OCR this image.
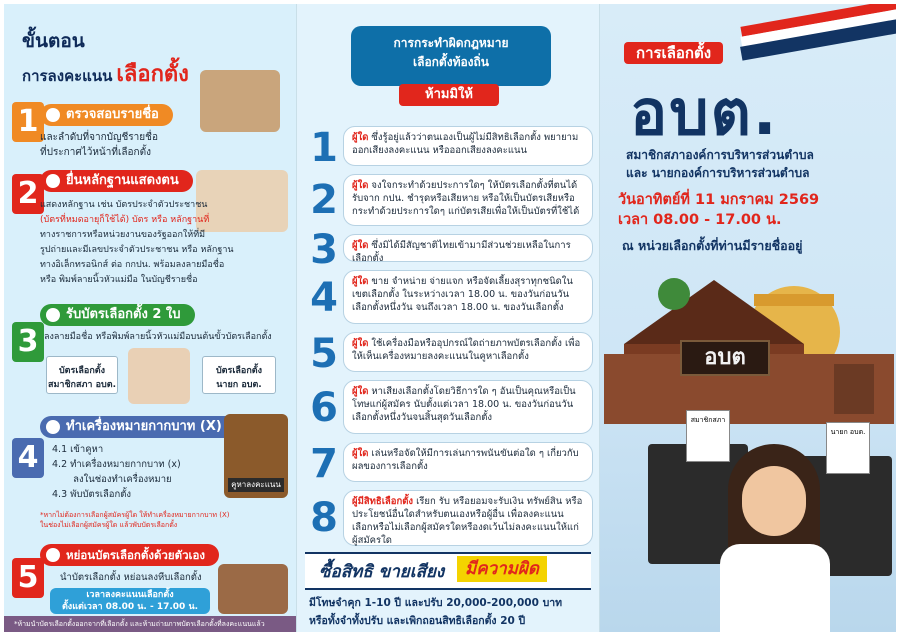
ขั้นตอน
การลงคะแนน เลือกตั้ง
1	ตรวจสอบรายชื่อ
และลำดับที่จากบัญชีรายชื่อ
ที่ประกาศไว้หน้าที่เลือกตั้ง
2	ยื่นหลักฐานแสดงตน
แสดงหลักฐาน เช่น บัตรประจำตัวประชาชน
(บัตรที่หมดอายุก็ใช้ได้) บัตร หรือ หลักฐานที่
ทางราชการหรือหน่วยงานของรัฐออกให้ที่มี
รูปถ่ายและมีเลขประจำตัวประชาชน หรือ หลักฐาน
ทางอิเล็กทรอนิกส์ ต่อ กกปน. พร้อมลงลายมือชื่อ
หรือ พิมพ์ลายนิ้วหัวแม่มือ ในบัญชีรายชื่อ
3
รับบัตรเลือกตั้ง 2 ใบ
ลงลายมือชื่อ หรือพิมพ์ลายนิ้วหัวแม่มือบนต้นขั้วบัตรเลือกตั้ง
บัตรเลือกตั้ง
สมาชิกสภา อบต.
บัตรเลือกตั้ง
นายก อบต.
4
ทำเครื่องหมายกากบาท (X)
4.1 เข้าคูหา
4.2 ทำเครื่องหมายกากบาท (x)
ลงในช่องทำเครื่องหมาย
4.3 พับบัตรเลือกตั้ง
คูหาลงคะแนน
*หากไม่ต้องการเลือกผู้สมัครผู้ใด ให้ทำเครื่องหมายกากบาท (X)
ในช่องไม่เลือกผู้สมัครผู้ใด แล้วพับบัตรเลือกตั้ง
5
หย่อนบัตรเลือกตั้งด้วยตัวเอง
นำบัตรเลือกตั้ง หย่อนลงหีบเลือกตั้ง
เวลาลงคะแนนเลือกตั้ง
ตั้งแต่เวลา 08.00 น. - 17.00 น.
*ห้ามนำบัตรเลือกตั้งออกจากที่เลือกตั้ง และห้ามถ่ายภาพบัตรเลือกตั้งที่ลงคะแนนแล้ว
การกระทำผิดกฎหมาย
เลือกตั้งท้องถิ่น
ห้ามมิให้
1	ผู้ใด ซึ่งรู้อยู่แล้วว่าตนเองเป็นผู้ไม่มีสิทธิเลือกตั้ง พยายามออกเสียงลงคะแนน หรือออกเสียงลงคะแนน
2	ผู้ใด จงใจกระทำด้วยประการใดๆ ให้บัตรเลือกตั้งที่ตนได้รับจาก กปน. ชำรุดหรือเสียหาย หรือให้เป็นบัตรเสียหรือกระทำด้วยประการใดๆ แก่บัตรเสียเพื่อให้เป็นบัตรที่ใช้ได้
3	ผู้ใด ซึ่งมิได้มีสัญชาติไทยเข้ามามีส่วนช่วยเหลือในการเลือกตั้ง
4	ผู้ใด ขาย จำหน่าย จ่ายแจก หรือจัดเลี้ยงสุราทุกชนิดในเขตเลือกตั้ง ในระหว่างเวลา 18.00 น. ของวันก่อนวันเลือกตั้งหนึ่งวัน จนถึงเวลา 18.00 น. ของวันเลือกตั้ง
5	ผู้ใด ใช้เครื่องมือหรืออุปกรณ์ใดถ่ายภาพบัตรเลือกตั้ง เพื่อให้เห็นเครื่องหมายลงคะแนนในคูหาเลือกตั้ง
6	ผู้ใด หาเสียงเลือกตั้งโดยวิธีการใด ๆ อันเป็นคุณหรือเป็นโทษแก่ผู้สมัคร นับตั้งแต่เวลา 18.00 น. ของวันก่อนวันเลือกตั้งหนึ่งวันจนสิ้นสุดวันเลือกตั้ง
7	ผู้ใด เล่นหรือจัดให้มีการเล่นการพนันขันต่อใด ๆ เกี่ยวกับผลของการเลือกตั้ง
8	ผู้มีสิทธิเลือกตั้ง เรียก รับ หรือยอมจะรับเงิน ทรัพย์สิน หรือประโยชน์อื่นใดสำหรับตนเองหรือผู้อื่น เพื่อลงคะแนนเลือกหรือไม่เลือกผู้สมัครใดหรืองดเว้นไม่ลงคะแนนให้แก่ผู้สมัครใด
ซื้อสิทธิ ขายเสียง	มีความผิด
มีโทษจำคุก 1-10 ปี และปรับ 20,000-200,000 บาท
หรือทั้งจำทั้งปรับ และเพิกถอนสิทธิเลือกตั้ง 20 ปี
การเลือกตั้ง
อบต.
สมาชิกสภาองค์การบริหารส่วนตำบล
และ นายกองค์การบริหารส่วนตำบล
วันอาทิตย์ที่ 11 มกราคม 2569
เวลา 08.00 - 17.00 น.
ณ หน่วยเลือกตั้งที่ท่านมีรายชื่ออยู่
อบต
สมาชิกสภา
นายก อบต.
